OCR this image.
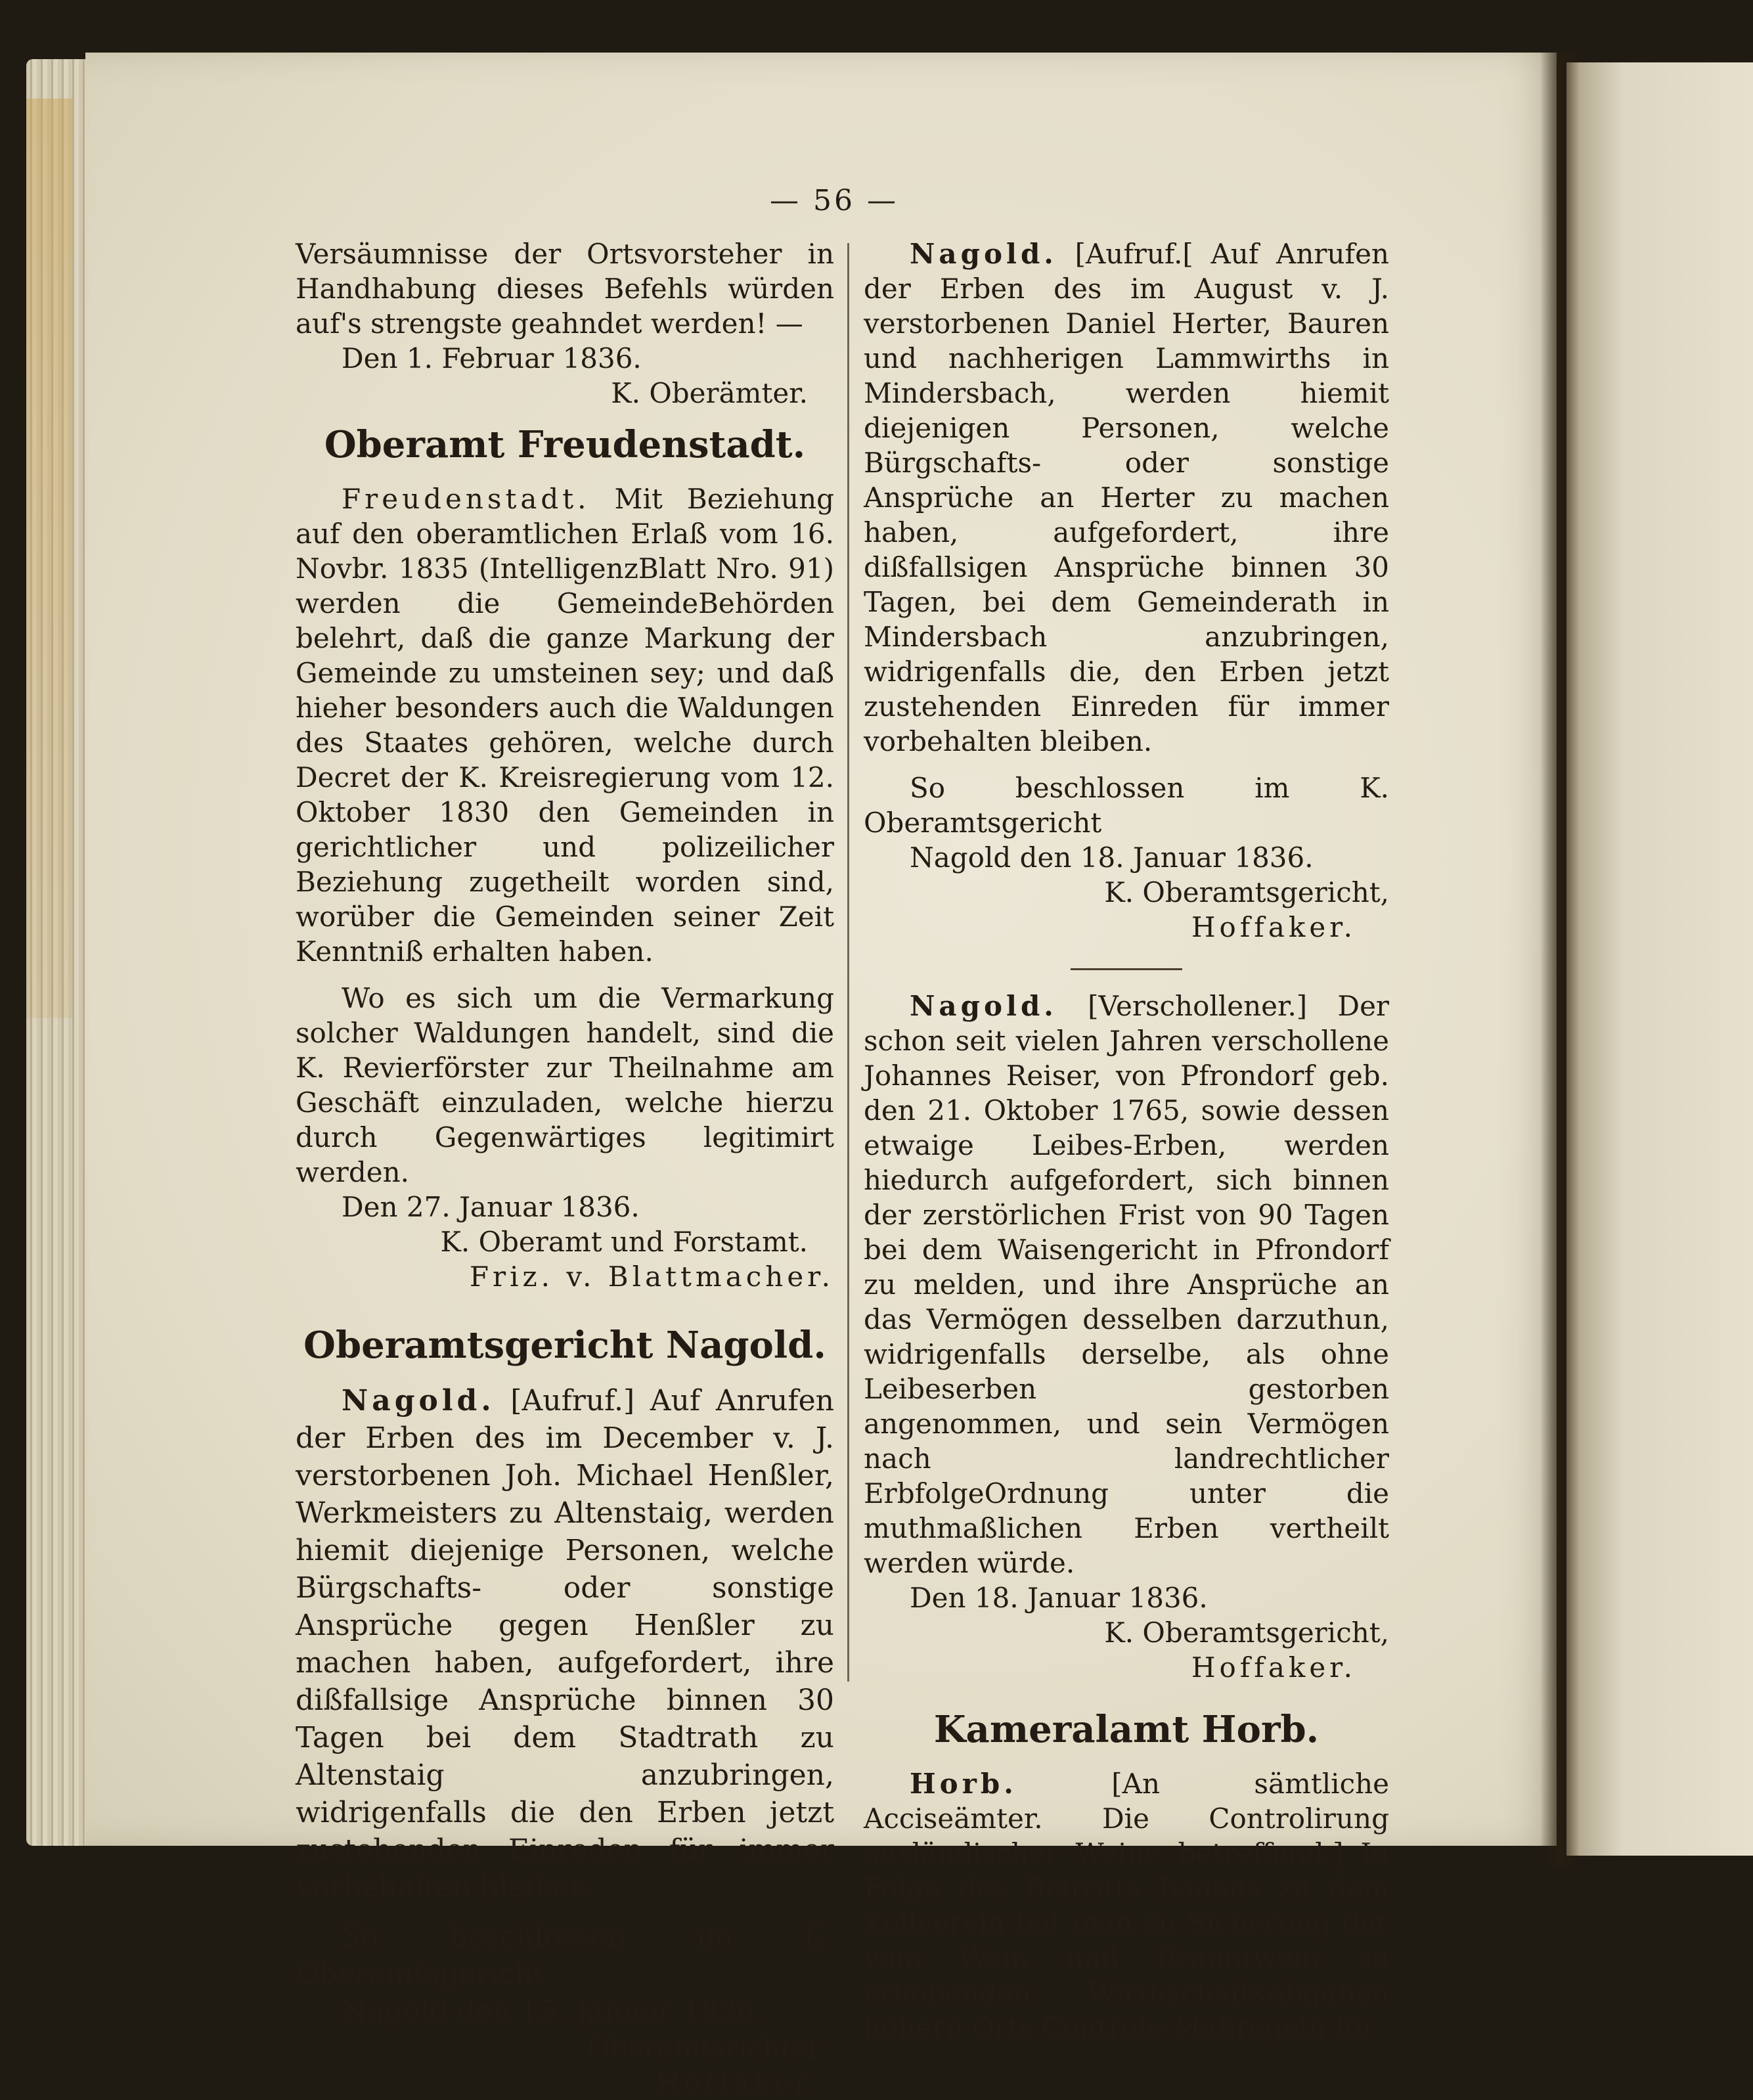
— 56 —

Versäumnisse der Ortsvorsteher in Handhabung dieses Befehls würden auf's strengste geahndet werden! —

Den 1. Februar 1836.

K. Oberämter.

Oberamt Freudenstadt.

Freudenstadt. Mit Beziehung auf den oberamtlichen Erlaß vom 16. Novbr. 1835 (IntelligenzBlatt Nro. 91) werden die GemeindeBehörden belehrt, daß die ganze Markung der Gemeinde zu umsteinen sey; und daß hieher besonders auch die Waldungen des Staates gehören, welche durch Decret der K. Kreisregierung vom 12. Oktober 1830 den Gemeinden in gerichtlicher und polizeilicher Beziehung zugetheilt worden sind, worüber die Gemeinden seiner Zeit Kenntniß erhalten haben.

Wo es sich um die Vermarkung solcher Waldungen handelt, sind die K. Revierförster zur Theilnahme am Geschäft einzuladen, welche hierzu durch Gegenwärtiges legitimirt werden.

Den 27. Januar 1836.

K. Oberamt und Forstamt.

Friz. v. Blattmacher.

Oberamtsgericht Nagold.

Nagold. [Aufruf.] Auf Anrufen der Erben des im December v. J. verstorbenen Joh. Michael Henßler, Werkmeisters zu Altenstaig, werden hiemit diejenige Personen, welche Bürgschafts- oder sonstige Ansprüche gegen Henßler zu machen haben, aufgefordert, ihre dißfallsige Ansprüche binnen 30 Tagen bei dem Stadtrath zu Altenstaig anzubringen, widrigenfalls die den Erben jetzt zustehenden Einreden für immer vorbehalten bleiben.

So beschlossen im K. Oberamtsgericht

Nagold den 15. Januar 1836.

Oberamtsrichter

Hoffaker.

Nagold. [Aufruf.[ Auf Anrufen der Erben des im August v. J. verstorbenen Daniel Herter, Bauren und nachherigen Lammwirths in Mindersbach, werden hiemit diejenigen Personen, welche Bürgschafts- oder sonstige Ansprüche an Herter zu machen haben, aufgefordert, ihre dißfallsigen Ansprüche binnen 30 Tagen, bei dem Gemeinderath in Mindersbach anzubringen, widrigenfalls die, den Erben jetzt zustehenden Einreden für immer vorbehalten bleiben.

So beschlossen im K. Oberamtsgericht

Nagold den 18. Januar 1836.

K. Oberamtsgericht,

Hoffaker.

Nagold. [Verschollener.] Der schon seit vielen Jahren verschollene Johannes Reiser, von Pfrondorf geb. den 21. Oktober 1765, sowie dessen etwaige Leibes-Erben, werden hiedurch aufgefordert, sich binnen der zerstörlichen Frist von 90 Tagen bei dem Waisengericht in Pfrondorf zu melden, und ihre Ansprüche an das Vermögen desselben darzuthun, widrigenfalls derselbe, als ohne Leibeserben gestorben angenommen, und sein Vermögen nach landrechtlicher ErbfolgeOrdnung unter die muthmaßlichen Erben vertheilt werden würde.

Den 18. Januar 1836.

K. Oberamtsgericht,

Hoffaker.

Kameralamt Horb.

Horb. [An sämtliche Acciseämter. Die Controlirung ausländischer Weine betreffend.] In Folge des Beitritts Badens zu dem Zollverein hat man zu Sicherung der vom Wein und Branntwein zu erhebenden WirthschaftsAbgaben höhern Orts Controle-Maßregeln für
